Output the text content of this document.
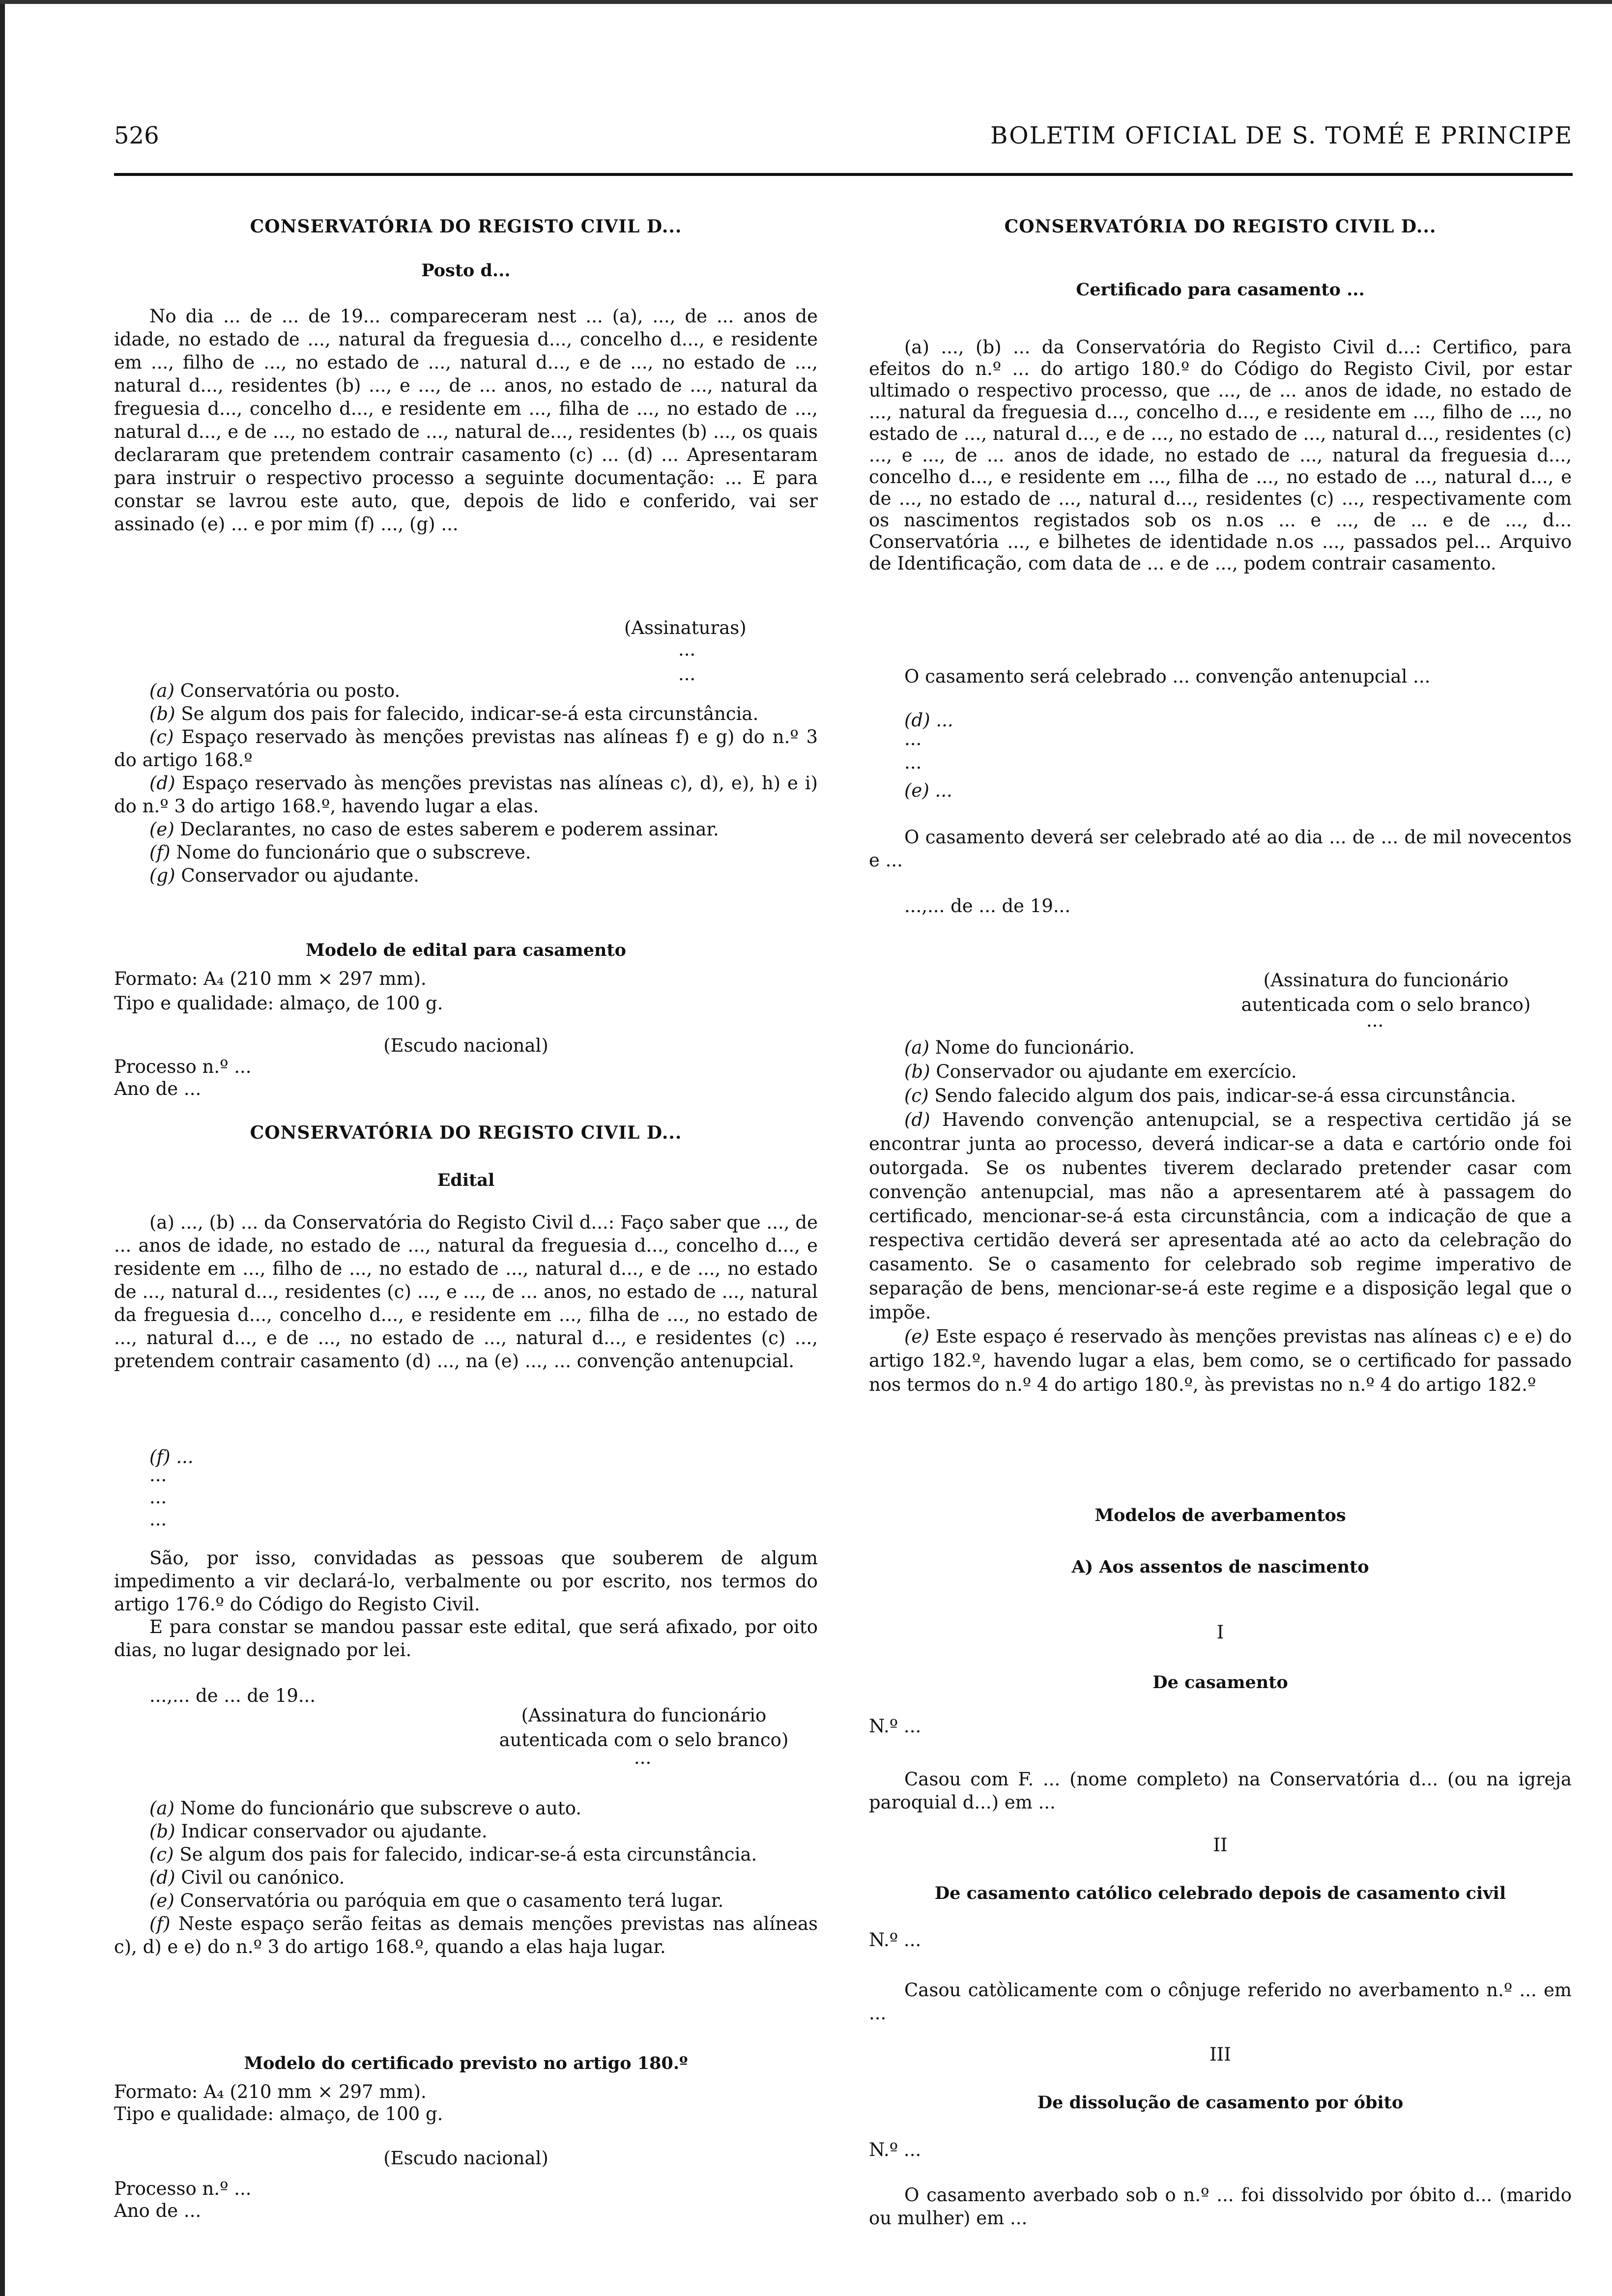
526	BOLETIM OFICIAL DE S. TOMÉ E PRINCIPE
CONSERVATÓRIA DO REGISTO CIVIL D...
Posto d...
No dia ... de ... de 19... compareceram nest ... (a), ..., de ... anos de idade, no estado de ..., natural da freguesia d..., concelho d..., e residente em ..., filho de ..., no estado de ..., natural d..., e de ..., no estado de ..., natural d..., residentes (b) ..., e ..., de ... anos, no estado de ..., natural da freguesia d..., concelho d..., e residente em ..., filha de ..., no estado de ..., natural d..., e de ..., no estado de ..., natural de..., residentes (b) ..., os quais declararam que pretendem contrair casamento (c) ... (d) ... Apresentaram para instruir o respectivo processo a seguinte documentação: ... E para constar se lavrou este auto, que, depois de lido e conferido, vai ser assinado (e) ... e por mim (f) ..., (g) ...
(Assinaturas)
...
...

(a) Conservatória ou posto.

(b) Se algum dos pais for falecido, indicar-se-á esta circunstância.

(c) Espaço reservado às menções previstas nas alíneas f) e g) do n.º 3 do artigo 168.º

(d) Espaço reservado às menções previstas nas alíneas c), d), e), h) e i) do n.º 3 do artigo 168.º, havendo lugar a elas.

(e) Declarantes, no caso de estes saberem e poderem assinar.

(f) Nome do funcionário que o subscreve.

(g) Conservador ou ajudante.

Modelo de edital para casamento
Formato: A₄ (210 mm × 297 mm).
Tipo e qualidade: almaço, de 100 g.
(Escudo nacional)
Processo n.º ...
Ano de ...
CONSERVATÓRIA DO REGISTO CIVIL D...
Edital
(a) ..., (b) ... da Conservatória do Registo Civil d...: Faço saber que ..., de ... anos de idade, no estado de ..., natural da freguesia d..., concelho d..., e residente em ..., filho de ..., no estado de ..., natural d..., e de ..., no estado de ..., natural d..., residentes (c) ..., e ..., de ... anos, no estado de ..., natural da freguesia d..., concelho d..., e residente em ..., filha de ..., no estado de ..., natural d..., e de ..., no estado de ..., natural d..., e residentes (c) ..., pretendem contrair casamento (d) ..., na (e) ..., ... convenção antenupcial.
(f) ...
...
...
...
São, por isso, convidadas as pessoas que souberem de algum impedimento a vir declará-lo, verbalmente ou por escrito, nos termos do artigo 176.º do Código do Registo Civil.
E para constar se mandou passar este edital, que será afixado, por oito dias, no lugar designado por lei.
...,... de ... de 19...
(Assinatura do funcionário
autenticada com o selo branco)
...

(a) Nome do funcionário que subscreve o auto.

(b) Indicar conservador ou ajudante.

(c) Se algum dos pais for falecido, indicar-se-á esta circunstância.

(d) Civil ou canónico.

(e) Conservatória ou paróquia em que o casamento terá lugar.

(f) Neste espaço serão feitas as demais menções previstas nas alíneas c), d) e e) do n.º 3 do artigo 168.º, quando a elas haja lugar.

Modelo do certificado previsto no artigo 180.º
Formato: A₄ (210 mm × 297 mm).
Tipo e qualidade: almaço, de 100 g.
(Escudo nacional)
Processo n.º ...
Ano de ...
CONSERVATÓRIA DO REGISTO CIVIL D...
Certificado para casamento ...
(a) ..., (b) ... da Conservatória do Registo Civil d...: Certifico, para efeitos do n.º ... do artigo 180.º do Código do Registo Civil, por estar ultimado o respectivo processo, que ..., de ... anos de idade, no estado de ..., natural da freguesia d..., concelho d..., e residente em ..., filho de ..., no estado de ..., natural d..., e de ..., no estado de ..., natural d..., residentes (c) ..., e ..., de ... anos de idade, no estado de ..., natural da freguesia d..., concelho d..., e residente em ..., filha de ..., no estado de ..., natural d..., e de ..., no estado de ..., natural d..., residentes (c) ..., respectivamente com os nascimentos registados sob os n.os ... e ..., de ... e de ..., d... Conservatória ..., e bilhetes de identidade n.os ..., passados pel... Arquivo de Identificação, com data de ... e de ..., podem contrair casamento.
O casamento será celebrado ... convenção antenupcial ...
(d) ...
...
...
(e) ...
O casamento deverá ser celebrado até ao dia ... de ... de mil novecentos e ...
...,... de ... de 19...
(Assinatura do funcionário
autenticada com o selo branco)
...

(a) Nome do funcionário.

(b) Conservador ou ajudante em exercício.

(c) Sendo falecido algum dos pais, indicar-se-á essa circunstância.

(d) Havendo convenção antenupcial, se a respectiva certidão já se encontrar junta ao processo, deverá indicar-se a data e cartório onde foi outorgada. Se os nubentes tiverem declarado pretender casar com convenção antenupcial, mas não a apresentarem até à passagem do certificado, mencionar-se-á esta circunstância, com a indicação de que a respectiva certidão deverá ser apresentada até ao acto da celebração do casamento. Se o casamento for celebrado sob regime imperativo de separação de bens, mencionar-se-á este regime e a disposição legal que o impõe.

(e) Este espaço é reservado às menções previstas nas alíneas c) e e) do artigo 182.º, havendo lugar a elas, bem como, se o certificado for passado nos termos do n.º 4 do artigo 180.º, às previstas no n.º 4 do artigo 182.º

Modelos de averbamentos
A) Aos assentos de nascimento
I
De casamento
N.º ...
Casou com F. ... (nome completo) na Conservatória d... (ou na igreja paroquial d...) em ...
II
De casamento católico celebrado depois de casamento civil
N.º ...
Casou catòlicamente com o cônjuge referido no averbamento n.º ... em ...
III
De dissolução de casamento por óbito
N.º ...
O casamento averbado sob o n.º ... foi dissolvido por óbito d... (marido ou mulher) em ...
